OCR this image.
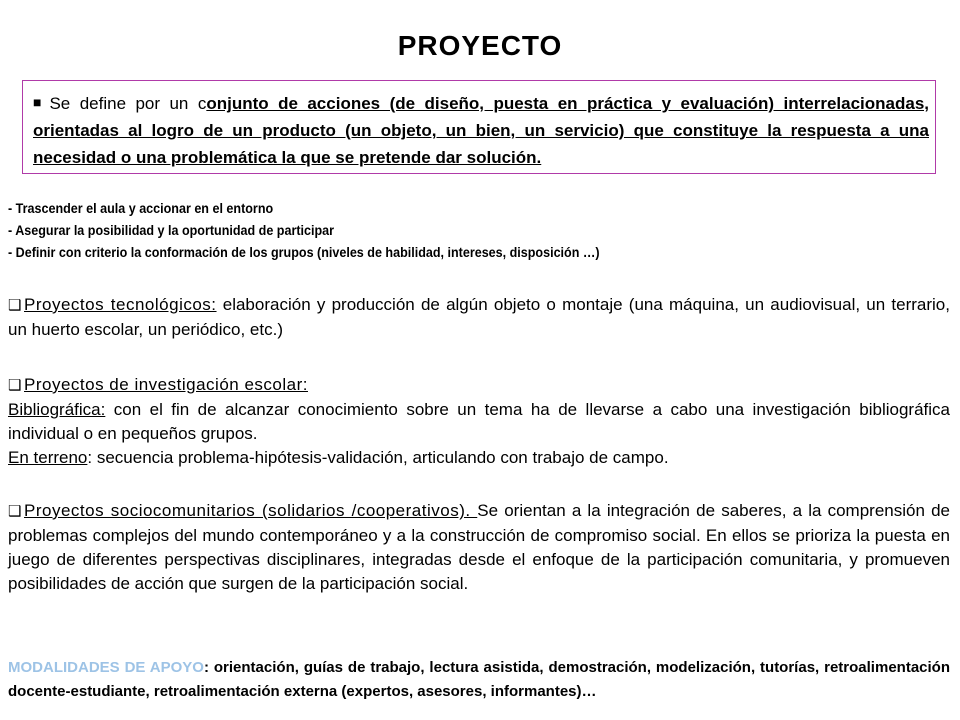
PROYECTO
■ Se define por un conjunto de acciones (de diseño, puesta en práctica y evaluación) interrelacionadas, orientadas al logro de un producto (un objeto, un bien, un servicio) que constituye la respuesta a una necesidad o una problemática la que se pretende dar solución.
- Trascender el aula y accionar en el entorno
- Asegurar la posibilidad y la oportunidad de participar
- Definir con criterio la conformación de los grupos (niveles de habilidad, intereses, disposición …)
❑ Proyectos tecnológicos: elaboración y producción de algún objeto o montaje (una máquina, un audiovisual, un terrario, un huerto escolar, un periódico, etc.)
❑ Proyectos de investigación escolar:
Bibliográfica: con el fin de alcanzar conocimiento sobre un tema ha de llevarse a cabo una investigación bibliográfica individual o en pequeños grupos.
En terreno: secuencia problema-hipótesis-validación, articulando con trabajo de campo.
❑ Proyectos sociocomunitarios (solidarios /cooperativos). Se orientan a la integración de saberes, a la comprensión de problemas complejos del mundo contemporáneo y a la construcción de compromiso social. En ellos se prioriza la puesta en juego de diferentes perspectivas disciplinares, integradas desde el enfoque de la participación comunitaria, y promueven posibilidades de acción que surgen de la participación social.
MODALIDADES DE APOYO: orientación, guías de trabajo, lectura asistida, demostración, modelización, tutorías, retroalimentación docente-estudiante, retroalimentación externa (expertos, asesores, informantes)…
